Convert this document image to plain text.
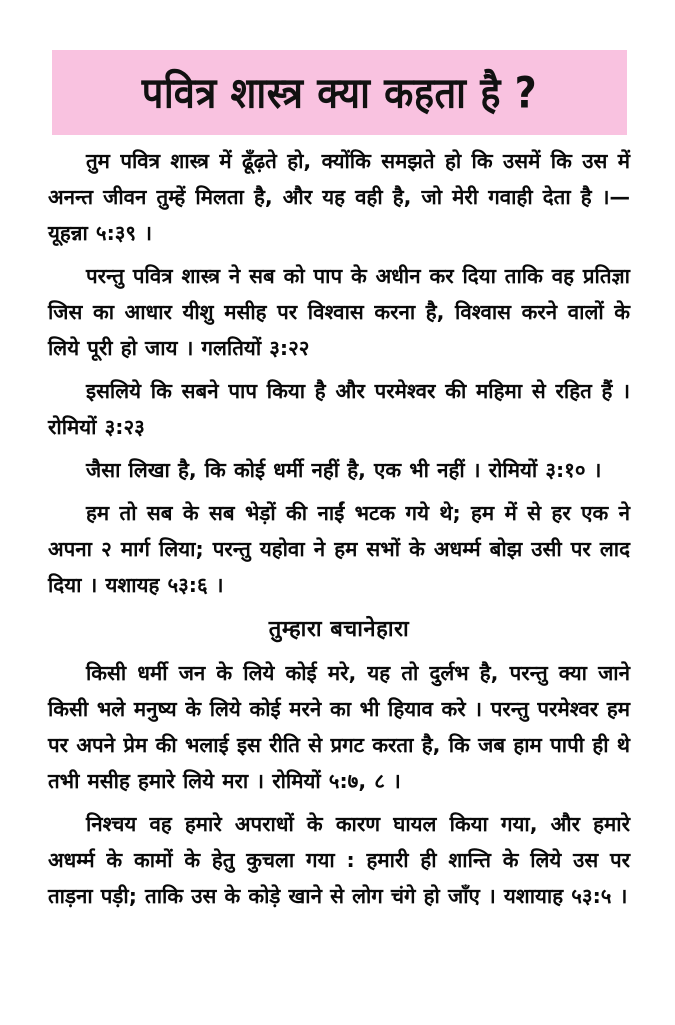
पवित्र शास्त्र क्या कहता है ?

तुम पवित्र शास्त्र में ढूँढ़ते हो, क्योंकि समझते हो कि उसमें कि उस में अनन्त जीवन तुम्हें मिलता है, और यह वही है, जो मेरी गवाही देता है ।—यूहन्ना ५:३९ ।

परन्तु पवित्र शास्त्र ने सब को पाप के अधीन कर दिया ताकि वह प्रतिज्ञा जिस का आधार यीशु मसीह पर विश्वास करना है, विश्वास करने वालों के लिये पूरी हो जाय । गलतियों ३:२२

इसलिये कि सबने पाप किया है और परमेश्वर की महिमा से रहित हैं । रोमियों ३:२३

जैसा लिखा है, कि कोई धर्मी नहीं है, एक भी नहीं । रोमियों ३:१० ।

हम तो सब के सब भेड़ों की नाईं भटक गये थे; हम में से हर एक ने अपना २ मार्ग लिया; परन्तु यहोवा ने हम सभों के अधर्म्म बोझ उसी पर लाद दिया । यशायह ५३:६ ।

तुम्हारा बचानेहारा

किसी धर्मी जन के लिये कोई मरे, यह तो दुर्लभ है, परन्तु क्या जाने किसी भले मनुष्य के लिये कोई मरने का भी हियाव करे । परन्तु परमेश्वर हम पर अपने प्रेम की भलाई इस रीति से प्रगट करता है, कि जब हाम पापी ही थे तभी मसीह हमारे लिये मरा । रोमियों ५:७, ८ ।

निश्चय वह हमारे अपराधों के कारण घायल किया गया, और हमारे अधर्म्म के कामों के हेतु कुचला गया : हमारी ही शान्ति के लिये उस पर ताड़ना पड़ी; ताकि उस के कोड़े खाने से लोग चंगे हो जाँए । यशायाह ५३:५ ।
